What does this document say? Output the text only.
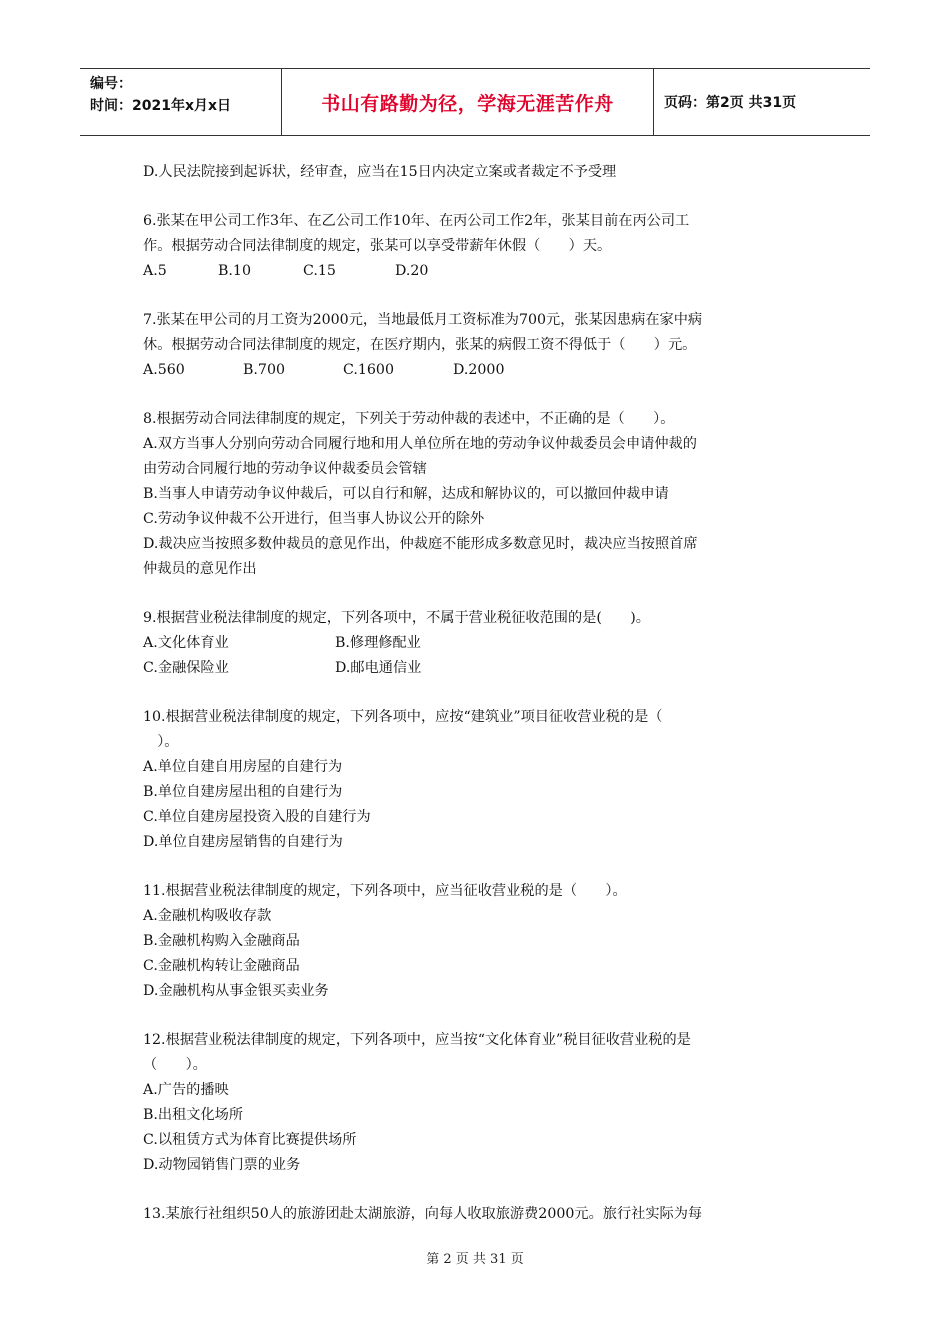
编号：
时间：2021年x月x日	书山有路勤为径，学海无涯苦作舟	页码：第2页 共31页
D.人民法院接到起诉状，经审查，应当在15日内决定立案或者裁定不予受理
6.张某在甲公司工作3年、在乙公司工作10年、在丙公司工作2年，张某目前在丙公司工
作。根据劳动合同法律制度的规定，张某可以享受带薪年休假（　　）天。
A.5	B.10	C.15	D.20
7.张某在甲公司的月工资为2000元，当地最低月工资标准为700元，张某因患病在家中病
休。根据劳动合同法律制度的规定，在医疗期内，张某的病假工资不得低于（　　）元。
A.560	B.700	C.1600	D.2000
8.根据劳动合同法律制度的规定，下列关于劳动仲裁的表述中，不正确的是（　　）。
A.双方当事人分别向劳动合同履行地和用人单位所在地的劳动争议仲裁委员会申请仲裁的
由劳动合同履行地的劳动争议仲裁委员会管辖
B.当事人申请劳动争议仲裁后，可以自行和解，达成和解协议的，可以撤回仲裁申请
C.劳动争议仲裁不公开进行，但当事人协议公开的除外
D.裁决应当按照多数仲裁员的意见作出，仲裁庭不能形成多数意见时，裁决应当按照首席
仲裁员的意见作出
9.根据营业税法律制度的规定，下列各项中，不属于营业税征收范围的是(　　)。
A.文化体育业	B.修理修配业
C.金融保险业	D.邮电通信业
10.根据营业税法律制度的规定，下列各项中，应按“建筑业”项目征收营业税的是（
　）。
A.单位自建自用房屋的自建行为
B.单位自建房屋出租的自建行为
C.单位自建房屋投资入股的自建行为
D.单位自建房屋销售的自建行为
11.根据营业税法律制度的规定，下列各项中，应当征收营业税的是（　　）。
A.金融机构吸收存款
B.金融机构购入金融商品
C.金融机构转让金融商品
D.金融机构从事金银买卖业务
12.根据营业税法律制度的规定，下列各项中，应当按“文化体育业”税目征收营业税的是
（　　）。
A.广告的播映
B.出租文化场所
C.以租赁方式为体育比赛提供场所
D.动物园销售门票的业务
13.某旅行社组织50人的旅游团赴太湖旅游，向每人收取旅游费2000元。旅行社实际为每
第 2 页 共 31 页
